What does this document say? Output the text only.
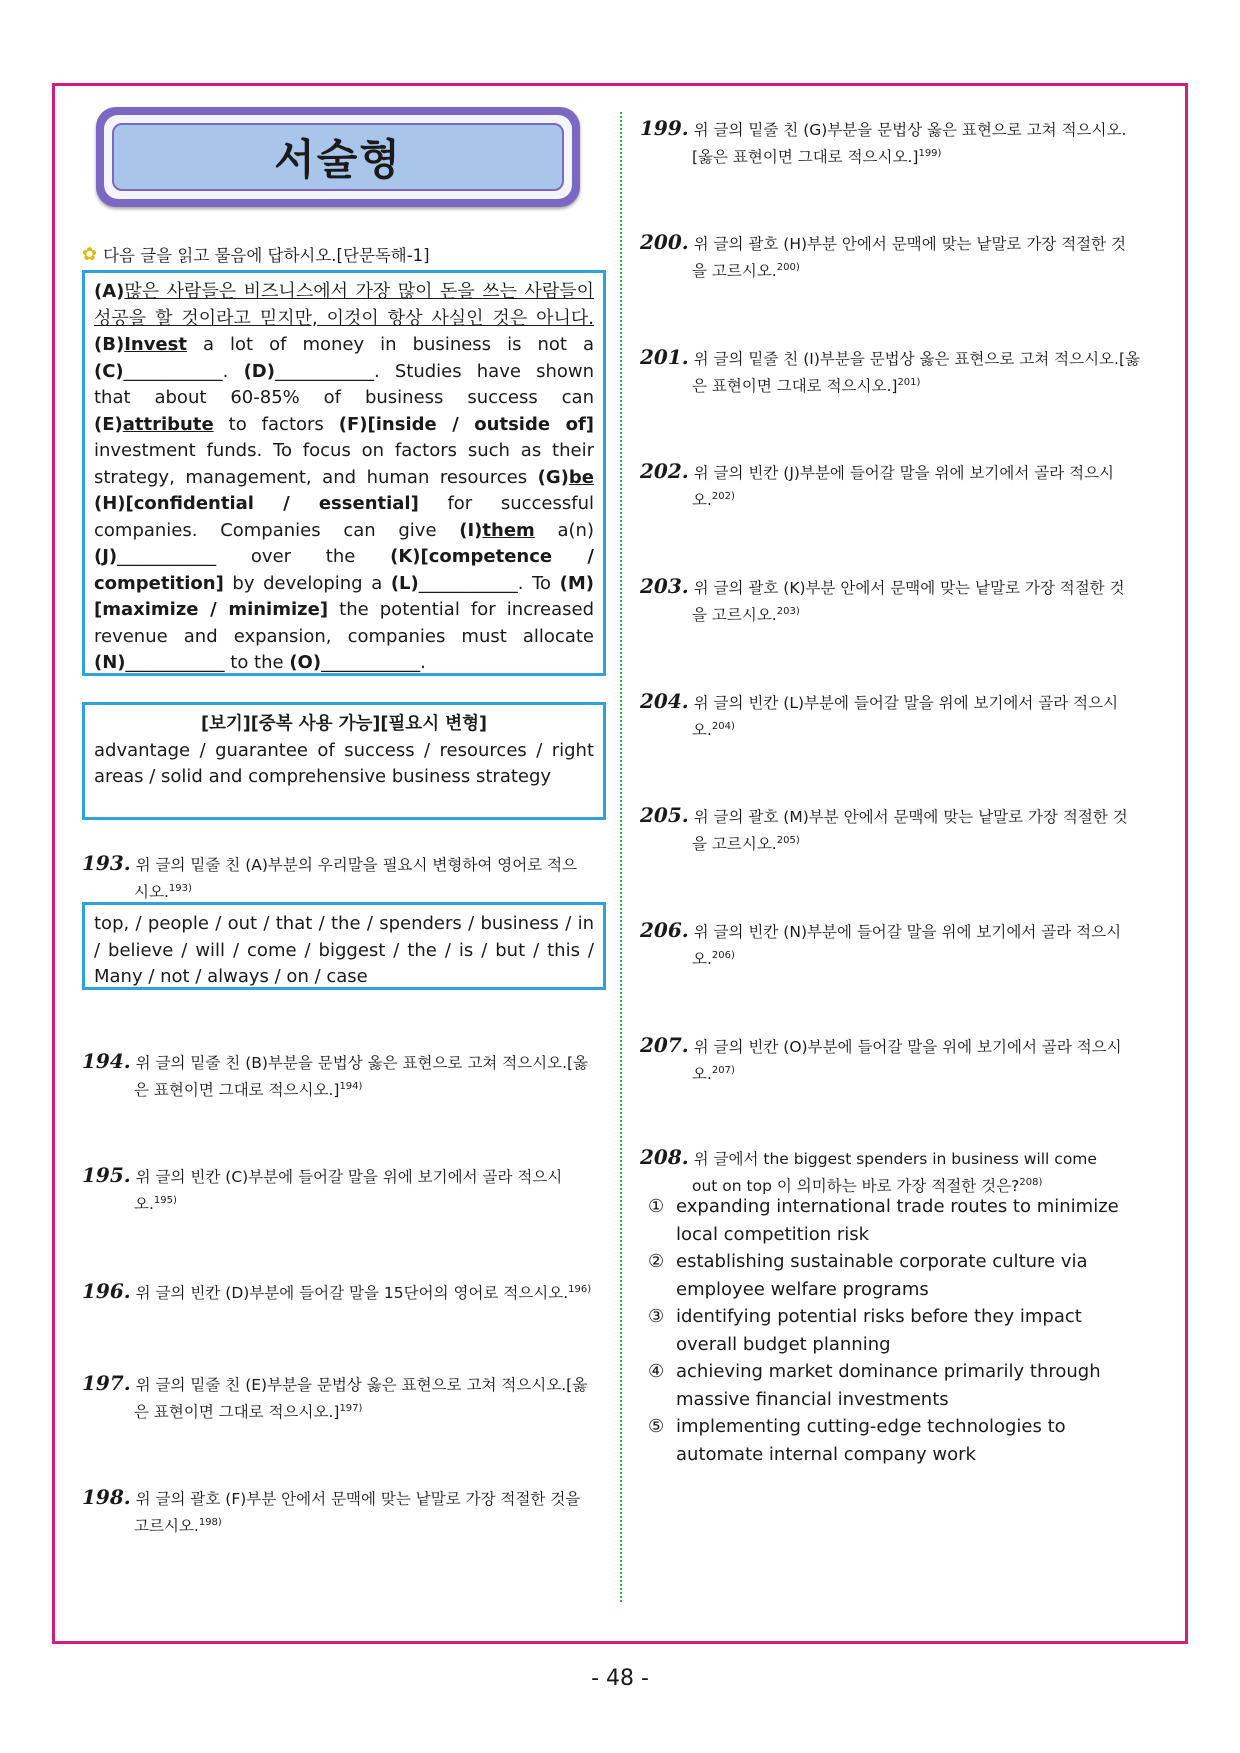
서술형
✿ 다음 글을 읽고 물음에 답하시오.[단문독해-1]
(A)많은 사람들은 비즈니스에서 가장 많이 돈을 쓰는 사람들이 성공을 할 것이라고 믿지만, 이것이 항상 사실인 것은 아니다. (B)Invest a lot of money in business is not a (C)___________. (D)___________. Studies have shown that about 60-85% of business success can (E)attribute to factors (F)[inside / outside of] investment funds. To focus on factors such as their strategy, management, and human resources (G)be (H)[confidential / essential] for successful companies. Companies can give (I)them a(n) (J)___________ over the (K)[competence / competition] by developing a (L)___________. To (M)[maximize / minimize] the potential for increased revenue and expansion, companies must allocate (N)___________ to the (O)___________.
[보기][중복 사용 가능][필요시 변형]
advantage / guarantee of success / resources / right areas / solid and comprehensive business strategy
193. 위 글의 밑줄 친 (A)부분의 우리말을 필요시 변형하여 영어로 적으
시오.$^{193)}$
top, / people / out / that / the / spenders / business / in / believe / will / come / biggest / the / is / but / this / Many / not / always / on / case
194. 위 글의 밑줄 친 (B)부분을 문법상 옳은 표현으로 고쳐 적으시오.[옳
은 표현이면 그대로 적으시오.]$^{194)}$
195. 위 글의 빈칸 (C)부분에 들어갈 말을 위에 보기에서 골라 적으시
오.$^{195)}$
196. 위 글의 빈칸 (D)부분에 들어갈 말을 15단어의 영어로 적으시오.$^{196)}$
197. 위 글의 밑줄 친 (E)부분을 문법상 옳은 표현으로 고쳐 적으시오.[옳
은 표현이면 그대로 적으시오.]$^{197)}$
198. 위 글의 괄호 (F)부분 안에서 문맥에 맞는 낱말로 가장 적절한 것을
고르시오.$^{198)}$
199. 위 글의 밑줄 친 (G)부분을 문법상 옳은 표현으로 고쳐 적으시오.
[옳은 표현이면 그대로 적으시오.]$^{199)}$
200. 위 글의 괄호 (H)부분 안에서 문맥에 맞는 낱말로 가장 적절한 것
을 고르시오.$^{200)}$
201. 위 글의 밑줄 친 (I)부분을 문법상 옳은 표현으로 고쳐 적으시오.[옳
은 표현이면 그대로 적으시오.]$^{201)}$
202. 위 글의 빈칸 (J)부분에 들어갈 말을 위에 보기에서 골라 적으시
오.$^{202)}$
203. 위 글의 괄호 (K)부분 안에서 문맥에 맞는 낱말로 가장 적절한 것
을 고르시오.$^{203)}$
204. 위 글의 빈칸 (L)부분에 들어갈 말을 위에 보기에서 골라 적으시
오.$^{204)}$
205. 위 글의 괄호 (M)부분 안에서 문맥에 맞는 낱말로 가장 적절한 것
을 고르시오.$^{205)}$
206. 위 글의 빈칸 (N)부분에 들어갈 말을 위에 보기에서 골라 적으시
오.$^{206)}$
207. 위 글의 빈칸 (O)부분에 들어갈 말을 위에 보기에서 골라 적으시
오.$^{207)}$
208. 위 글에서 the biggest spenders in business will come
out on top 이 의미하는 바로 가장 적절한 것은?$^{208)}$
① expanding international trade routes to minimize
local competition risk
② establishing sustainable corporate culture via
employee welfare programs
③ identifying potential risks before they impact
overall budget planning
④ achieving market dominance primarily through
massive financial investments
⑤ implementing cutting-edge technologies to
automate internal company work
- 48 -
